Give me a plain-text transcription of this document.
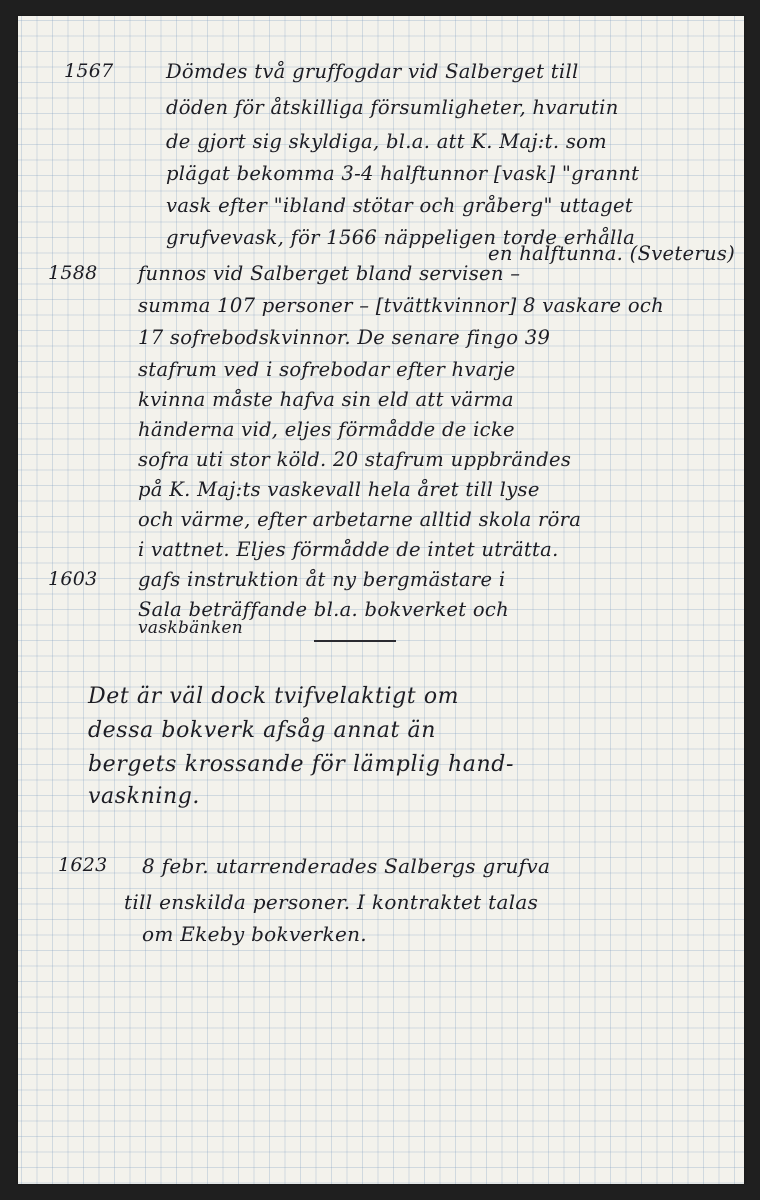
1567	Dömdes två gruffogdar vid Salberget till
döden för åtskilliga försumligheter, hvarutin
de gjort sig skyldiga, bl.a. att K. Maj:t. som
plägat bekomma 3-4 halftunnor [vask] "grannt
vask efter "ibland stötar och gråberg" uttaget
grufvevask, för 1566 näppeligen torde erhålla
en halftunna. (Sveterus)
1588 funnos vid Salberget bland servisen –
summa 107 personer – [tvättkvinnor] 8 vaskare och
17 sofrebodskvinnor. De senare fingo 39
stafrum ved i sofrebodar efter hvarje
kvinna måste hafva sin eld att värma
händerna vid, eljes förmådde de icke
sofra uti stor köld. 20 stafrum uppbrändes
på K. Maj:ts vaskevall hela året till lyse
och värme, efter arbetarne alltid skola röra
i vattnet. Eljes förmådde de intet uträtta.
1603 gafs instruktion åt ny bergmästare i
Sala beträffande bl.a. bokverket och
vaskbänken
Det är väl dock tvifvelaktigt om
dessa bokverk afsåg annat än
bergets krossande för lämplig hand-
vaskning.
1623 8 febr. utarrenderades Salbergs grufva
till enskilda personer. I kontraktet talas
om Ekeby bokverken.
